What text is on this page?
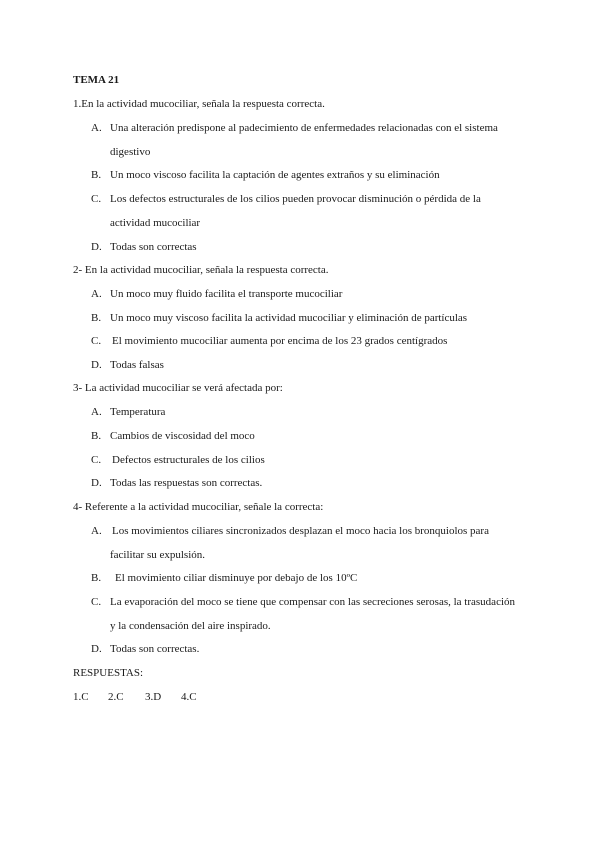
TEMA 21
1.En la actividad mucociliar, señala la respuesta correcta.
A. Una alteración predispone al padecimiento de enfermedades relacionadas con el sistema
digestivo
B. Un moco viscoso facilita la captación de agentes extraños y su eliminación
C. Los defectos estructurales de los cilios pueden provocar disminución o pérdida de la
actividad mucociliar
D. Todas son correctas
2- En la actividad mucociliar, señala la respuesta correcta.
A. Un moco muy fluido facilita el transporte mucociliar
B. Un moco muy viscoso facilita la actividad mucociliar y eliminación de partículas
C. El movimiento mucociliar aumenta por encima de los 23 grados centígrados
D. Todas falsas
3- La actividad mucociliar se verá afectada por:
A. Temperatura
B. Cambios de viscosidad del moco
C. Defectos estructurales de los cilios
D. Todas las respuestas son correctas.
4- Referente a la actividad mucociliar, señale la correcta:
A. Los movimientos ciliares sincronizados desplazan el moco hacia los bronquiolos para
facilitar su expulsión.
B. El movimiento ciliar disminuye por debajo de los 10ºC
C. La evaporación del moco se tiene que compensar con las secreciones serosas, la trasudación
y la condensación del aire inspirado.
D. Todas son correctas.
RESPUESTAS:
1.C 2.C 3.D 4.C
